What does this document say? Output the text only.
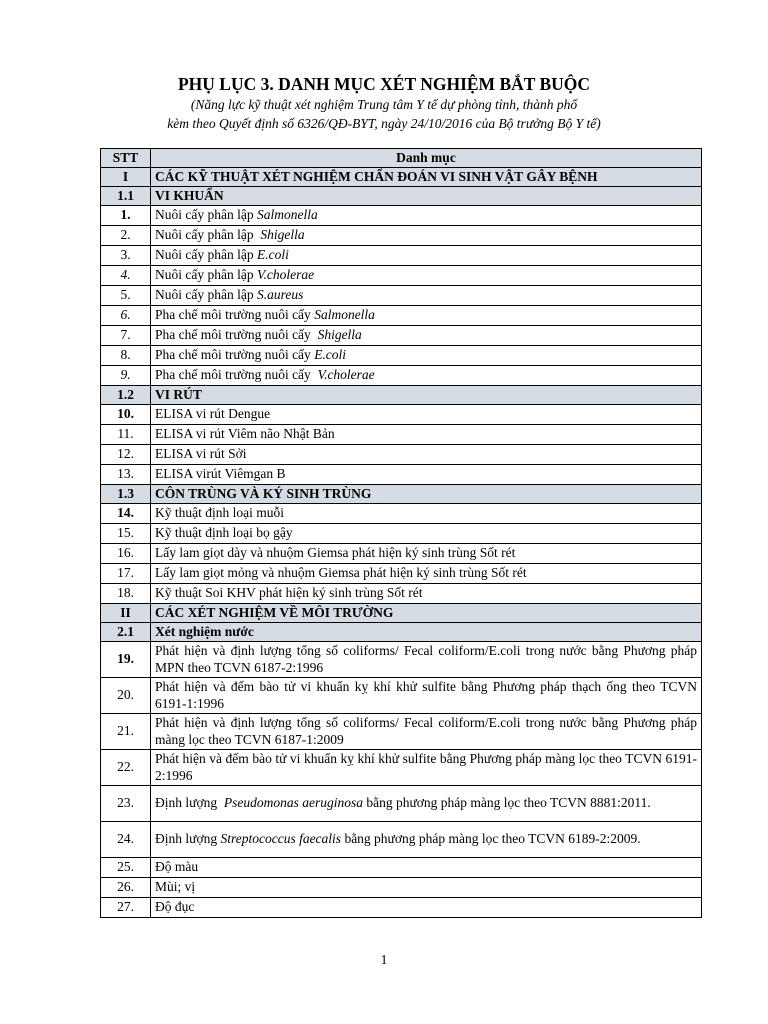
PHỤ LỤC 3. DANH MỤC XÉT NGHIỆM BẮT BUỘC
(Năng lực kỹ thuật xét nghiệm Trung tâm Y tế dự phòng tỉnh, thành phố
kèm theo Quyết định số 6326/QĐ-BYT, ngày 24/10/2016 của Bộ trưởng Bộ Y tế)
STT	Danh mục
I	CÁC KỸ THUẬT XÉT NGHIỆM CHẨN ĐOÁN VI SINH VẬT GÂY BỆNH
1.1	VI KHUẨN
1.	Nuôi cấy phân lập Salmonella
2.	Nuôi cấy phân lập  Shigella
3.	Nuôi cấy phân lập E.coli
4.	Nuôi cấy phân lập V.cholerae
5.	Nuôi cấy phân lập S.aureus
6.	Pha chế môi trường nuôi cấy Salmonella
7.	Pha chế môi trường nuôi cấy  Shigella
8.	Pha chế môi trường nuôi cấy E.coli
9.	Pha chế môi trường nuôi cấy  V.cholerae
1.2	VI RÚT
10.	ELISA vi rút Dengue
11.	ELISA vi rút Viêm não Nhật Bản
12.	ELISA vi rút Sởi
13.	ELISA virút Viêmgan B
1.3	CÔN TRÙNG VÀ KÝ SINH TRÙNG
14.	Kỹ thuật định loại muỗi
15.	Kỹ thuật định loại bọ gậy
16.	Lấy lam giọt dày và nhuộm Giemsa phát hiện ký sinh trùng Sốt rét
17.	Lấy lam giọt mỏng và nhuộm Giemsa phát hiện ký sinh trùng Sốt rét
18.	Kỹ thuật Soi KHV phát hiện ký sinh trùng Sốt rét
II	CÁC XÉT NGHIỆM VỀ MÔI TRƯỜNG
2.1	Xét nghiệm nước
19.	Phát hiện và định lượng tổng số coliforms/ Fecal coliform/E.coli trong nước bằng Phương pháp MPN theo TCVN 6187-2:1996
20.	Phát hiện và đếm bào tử vi khuẩn kỵ khí khử sulfite bằng Phương pháp thạch ống theo TCVN 6191-1:1996
21.	Phát hiện và định lượng tổng số coliforms/ Fecal coliform/E.coli trong nước bằng Phương pháp màng lọc theo TCVN 6187-1:2009
22.	Phát hiện và đếm bào tử vi khuẩn kỵ khí khử sulfite bằng Phương pháp màng lọc theo TCVN 6191-2:1996
23.	Định lượng  Pseudomonas aeruginosa bằng phương pháp màng lọc theo TCVN 8881:2011.
24.	Định lượng Streptococcus faecalis bằng phương pháp màng lọc theo TCVN 6189-2:2009.
25.	Độ màu
26.	Mùi; vị
27.	Độ đục
1
